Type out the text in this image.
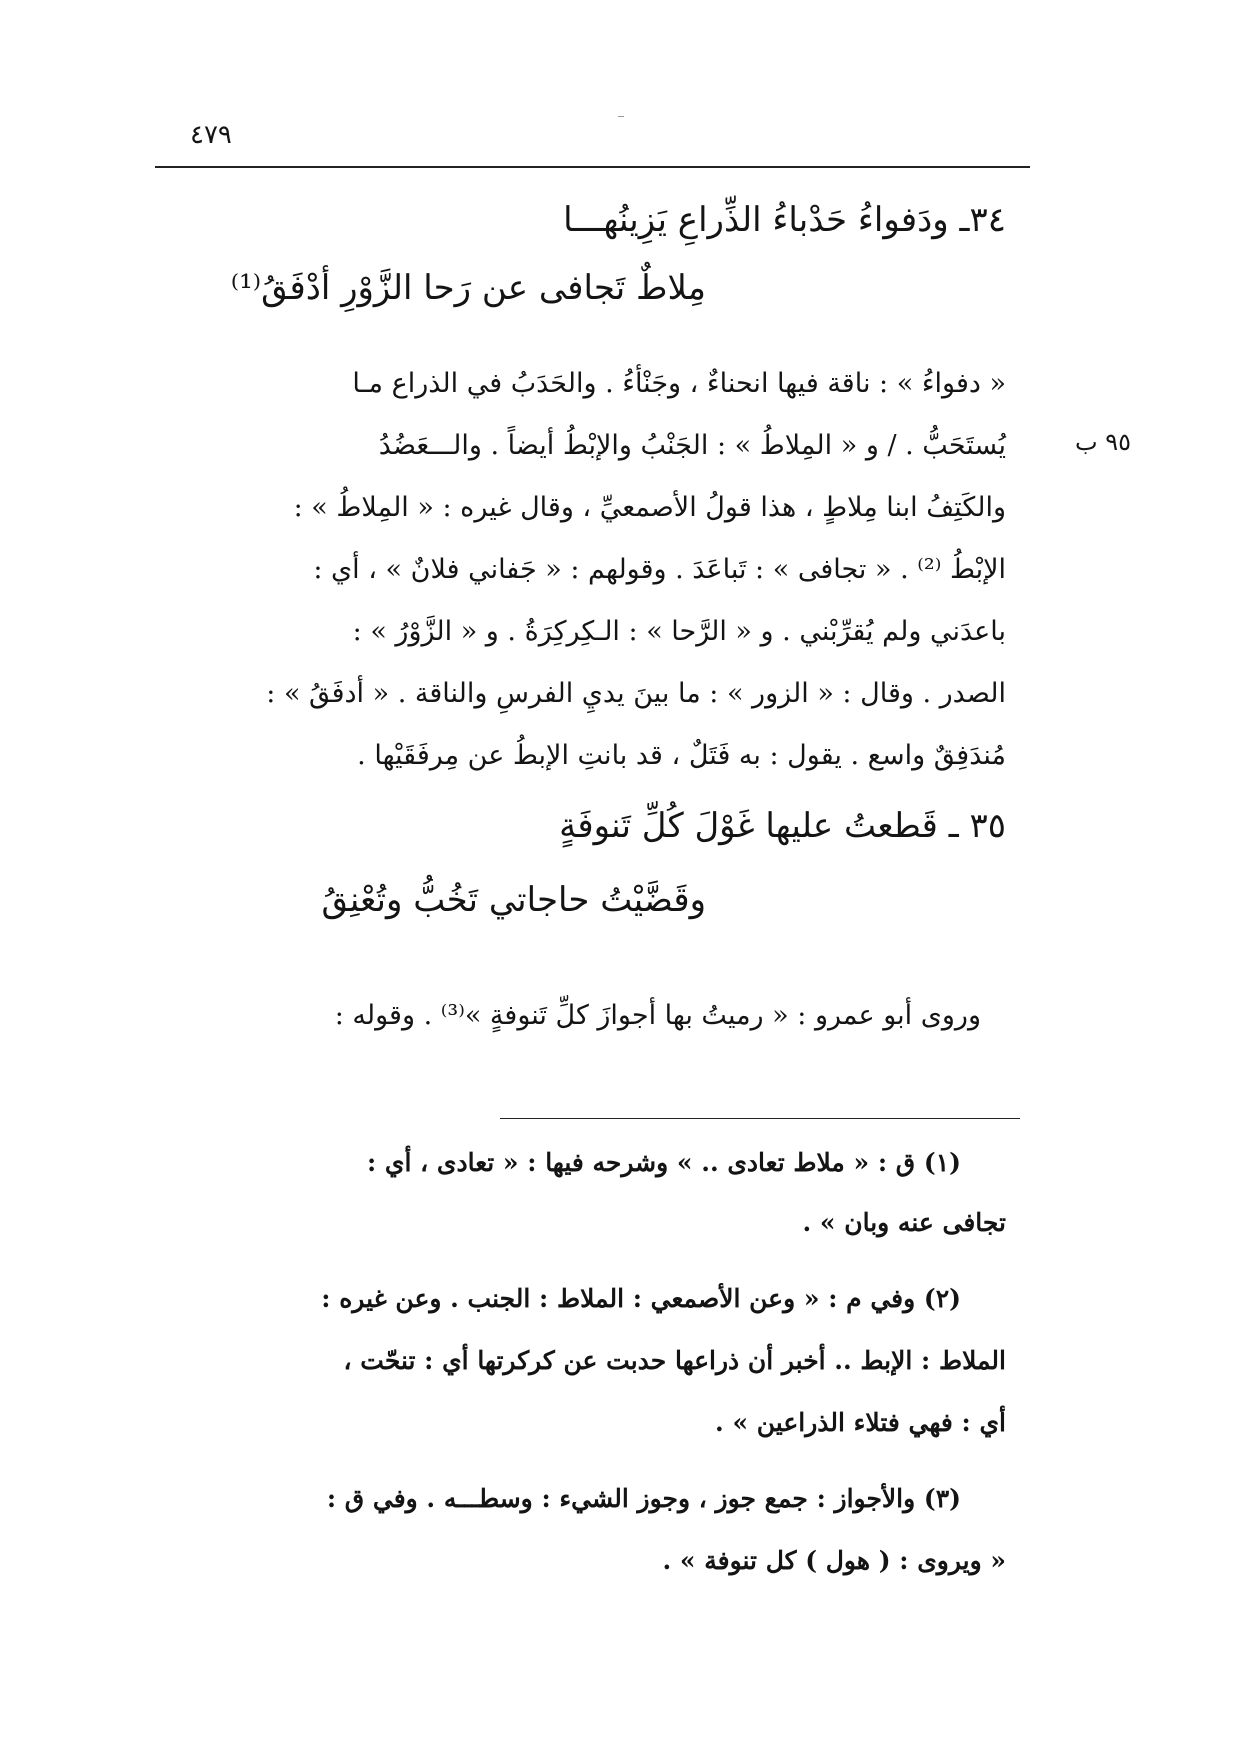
٤٧٩
٩٥ ب
٣٤ـ ودَفواءُ حَدْباءُ الذِّراعِ يَزِينُهـــا
مِلاطٌ تَجافى عن رَحا الزَّوْرِ أدْفَقُ⁽¹⁾
« دفواءُ » : ناقة فيها انحناءٌ ، وجَنْأءُ . والحَدَبُ في الذراع مـا
يُستَحَبُّ . / و « المِلاطُ » : الجَنْبُ والإبْطُ أيضاً . والـــعَضُدُ
والكَتِفُ ابنا مِلاطٍ ، هذا قولُ الأصمعيِّ ، وقال غيره : « المِلاطُ » :
الإبْطُ ⁽²⁾ . « تجافى » : تَباعَدَ . وقولهم : « جَفاني فلانٌ » ، أي :
باعدَني ولم يُقرِّبْني . و « الرَّحا » : الـكِركِرَةُ . و « الزَّوْرُ » :
الصدر . وقال : « الزور » : ما بينَ يديِ الفرسِ والناقة . « أدفَقُ » :
مُندَفِقٌ واسع . يقول : به فَتَلٌ ، قد بانتِ الإبطُ عن مِرفَقَيْها .
٣٥ ـ قَطعتُ عليها غَوْلَ كُلِّ تَنوفَةٍ
وقَضَّيْتُ حاجاتي تَخُبُّ وتُعْنِقُ
وروى أبو عمرو : « رميتُ بها أجوازَ كلِّ تَنوفةٍ »⁽³⁾ . وقوله :
(١) ق : « ملاط تعادى .. » وشرحه فيها : « تعادى ، أي :
تجافى عنه وبان » .
(٢) وفي م : « وعن الأصمعي : الملاط : الجنب . وعن غيره :
الملاط : الإبط .. أخبر أن ذراعها حدبت عن كركرتها أي : تنحّت ،
أي : فهي فتلاء الذراعين » .
(٣) والأجواز : جمع جوز ، وجوز الشيء : وسطـــه . وفي ق :
« ويروى : ( هول ) كل تنوفة » .
